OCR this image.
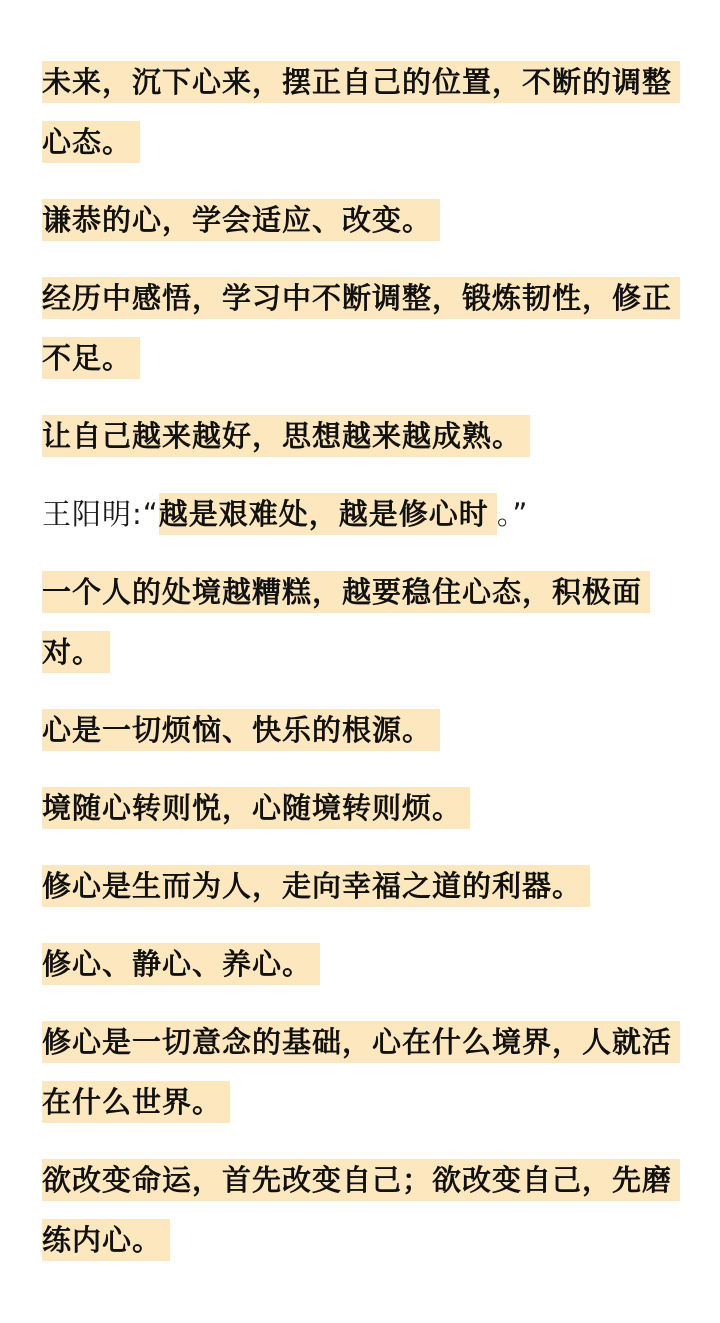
未来，沉下心来，摆正自己的位置，不断的调整心态。
谦恭的心，学会适应、改变。
经历中感悟，学习中不断调整，锻炼韧性，修正不足。
让自己越来越好，思想越来越成熟。
王阳明:“越是艰难处，越是修心时 。”
一个人的处境越糟糕，越要稳住心态，积极面对。
心是一切烦恼、快乐的根源。
境随心转则悦，心随境转则烦。
修心是生而为人，走向幸福之道的利器。
修心、静心、养心。
修心是一切意念的基础，心在什么境界，人就活在什么世界。
欲改变命运，首先改变自己；欲改变自己，先磨练内心。
